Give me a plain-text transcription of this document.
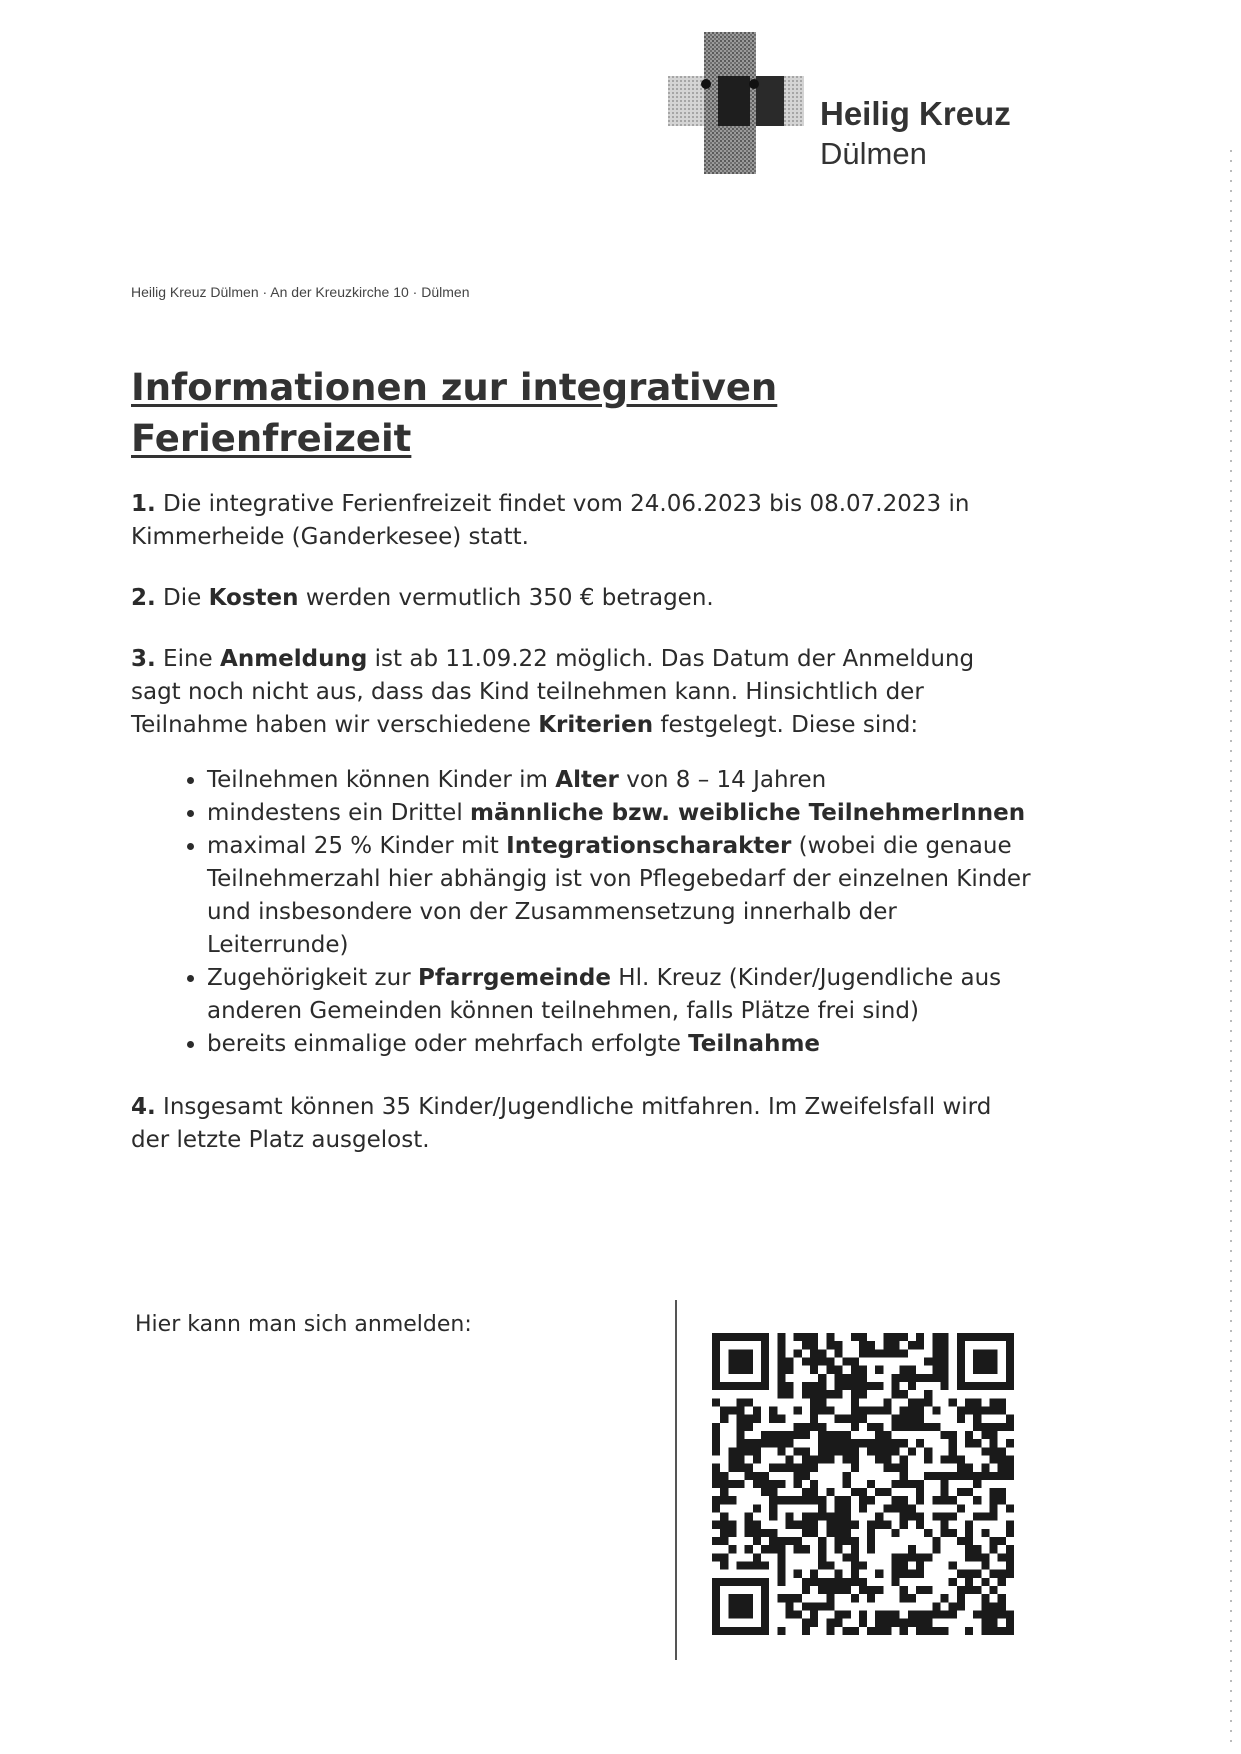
Heilig Kreuz
Dülmen
Heilig Kreuz Dülmen · An der Kreuzkirche 10 · Dülmen
Informationen zur integrativen Ferienfreizeit

1. Die integrative Ferienfreizeit findet vom 24.06.2023 bis 08.07.2023 in Kimmerheide (Ganderkesee) statt.

2. Die Kosten werden vermutlich 350 € betragen.

3. Eine Anmeldung ist ab 11.09.22 möglich. Das Datum der Anmeldung sagt noch nicht aus, dass das Kind teilnehmen kann. Hinsichtlich der Teilnahme haben wir verschiedene Kriterien festgelegt. Diese sind:

• Teilnehmen können Kinder im Alter von 8 – 14 Jahren
• mindestens ein Drittel männliche bzw. weibliche TeilnehmerInnen
• maximal 25 % Kinder mit Integrationscharakter (wobei die genaue Teilnehmerzahl hier abhängig ist von Pflegebedarf der einzelnen Kinder und insbesondere von der Zusammensetzung innerhalb der Leiterrunde)
• Zugehörigkeit zur Pfarrgemeinde Hl. Kreuz (Kinder/Jugendliche aus anderen Gemeinden können teilnehmen, falls Plätze frei sind)
• bereits einmalige oder mehrfach erfolgte Teilnahme

4. Insgesamt können 35 Kinder/Jugendliche mitfahren. Im Zweifelsfall wird der letzte Platz ausgelost.

Hier kann man sich anmelden:
